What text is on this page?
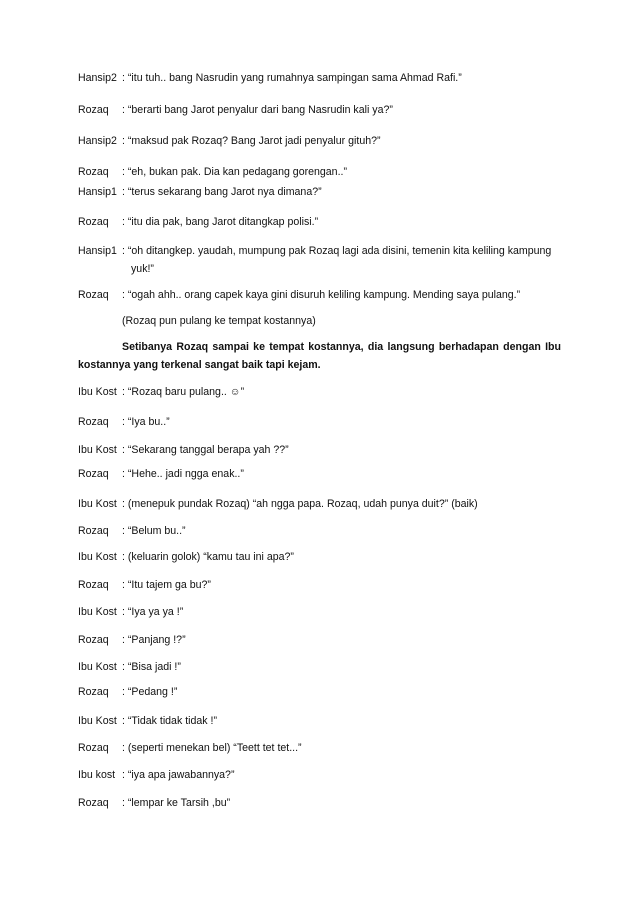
Hansip2 : “itu tuh.. bang Nasrudin yang rumahnya sampingan sama Ahmad Rafi.”
Rozaq : “berarti bang Jarot penyalur dari bang Nasrudin kali ya?”
Hansip2 : “maksud pak Rozaq? Bang Jarot jadi penyalur gituh?”
Rozaq : “eh, bukan pak. Dia kan pedagang gorengan..”
Hansip1 : “terus sekarang bang Jarot nya dimana?”
Rozaq : “itu dia pak, bang Jarot ditangkap polisi.”
Hansip1 : “oh ditangkep. yaudah, mumpung pak Rozaq lagi ada disini, temenin kita keliling kampung
yuk!”
Rozaq : “ogah ahh.. orang capek kaya gini disuruh keliling kampung. Mending saya pulang.”
(Rozaq pun pulang ke tempat kostannya)
Setibanya Rozaq sampai ke tempat kostannya, dia langsung berhadapan dengan Ibu
kostannya yang terkenal sangat baik tapi kejam.
Ibu Kost : “Rozaq baru pulang.. ☺”
Rozaq : “Iya bu..”
Ibu Kost : “Sekarang tanggal berapa yah ??”
Rozaq : “Hehe.. jadi ngga enak..”
Ibu Kost : (menepuk pundak Rozaq) “ah ngga papa. Rozaq, udah punya duit?” (baik)
Rozaq : “Belum bu..”
Ibu Kost : (keluarin golok) “kamu tau ini apa?”
Rozaq : “Itu tajem ga bu?”
Ibu Kost : “Iya ya ya !”
Rozaq : “Panjang !?”
Ibu Kost : “Bisa jadi !”
Rozaq : “Pedang !”
Ibu Kost : “Tidak tidak tidak !”
Rozaq : (seperti menekan bel) “Teett tet tet...”
Ibu kost : “iya apa jawabannya?”
Rozaq : “lempar ke Tarsih ,bu”
